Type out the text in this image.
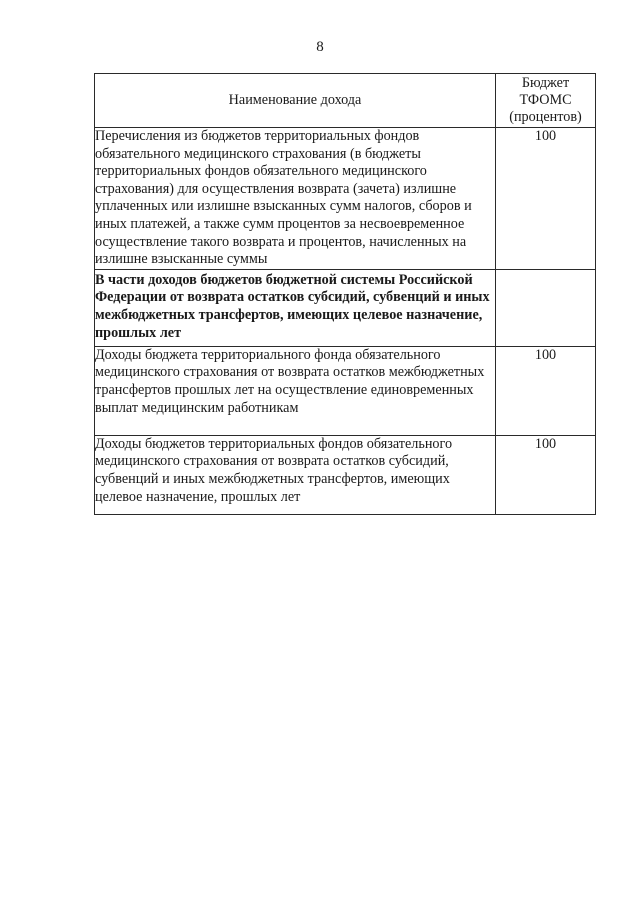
8
Наименование дохода	Бюджет
ТФОМС
(процентов)

Перечисления из бюджетов территориальных фондов обязательного медицинского страхования (в бюджеты территориальных фондов обязательного медицинского страхования) для осуществления возврата (зачета) излишне уплаченных или излишне взысканных сумм налогов, сборов и иных платежей, а также сумм процентов за несвоевременное осуществление такого возврата и процентов, начисленных на излишне взысканные суммы	100
В части доходов бюджетов бюджетной системы Российской Федерации от возврата остатков субсидий, субвенций и иных межбюджетных трансфертов, имеющих целевое назначение, прошлых лет	
Доходы бюджета территориального фонда обязательного медицинского страхования от возврата остатков межбюджетных трансфертов прошлых лет на осуществление единовременных выплат медицинским работникам	100
Доходы бюджетов территориальных фондов обязательного медицинского страхования от возврата остатков субсидий, субвенций и иных межбюджетных трансфертов, имеющих целевое назначение, прошлых лет	100
